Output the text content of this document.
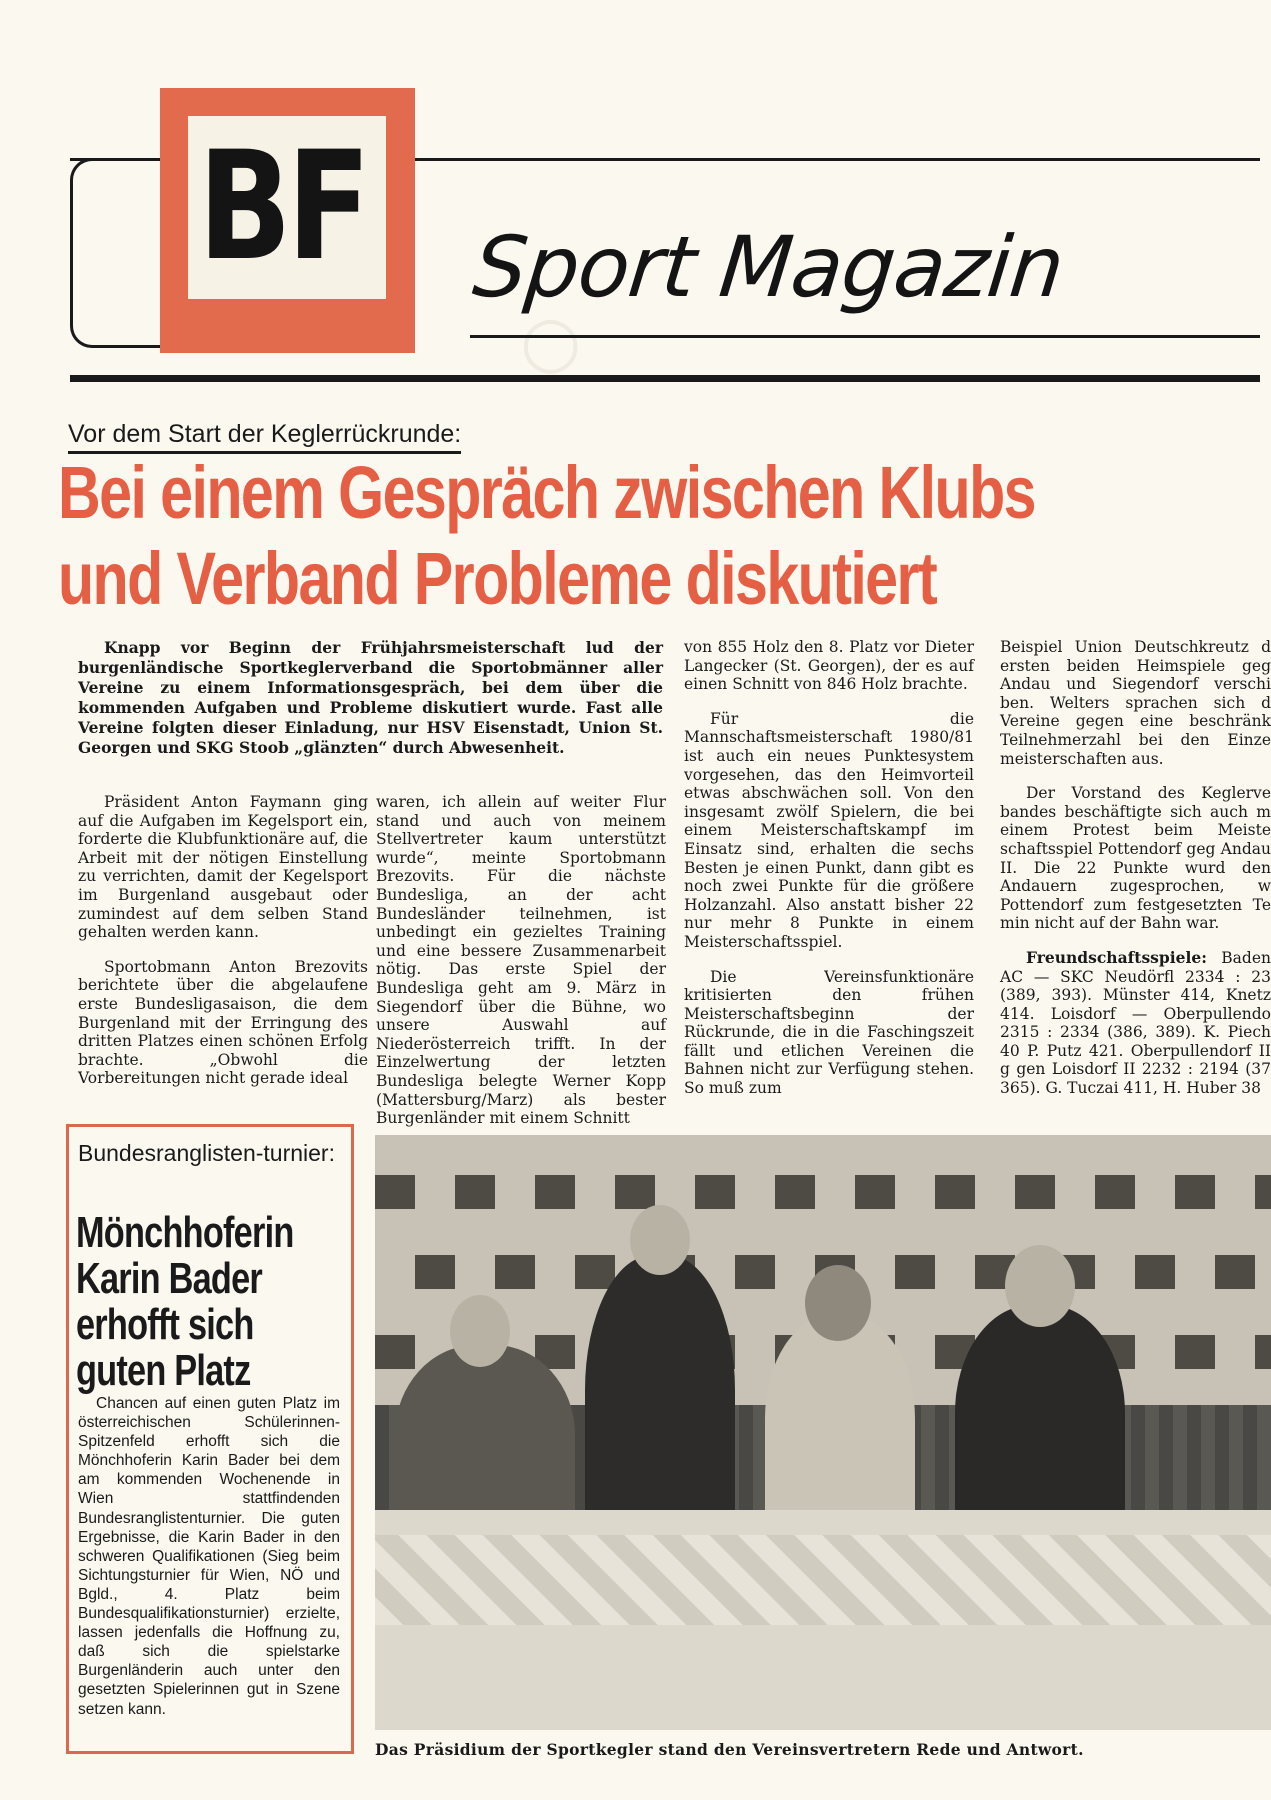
○
BF Sport Magazin
Vor dem Start der Keglerrückrunde:
Bei einem Gespräch zwischen Klubs
und Verband Probleme diskutiert

Knapp vor Beginn der Frühjahrsmeisterschaft lud der burgenländische Sportkeglerverband die Sportobmänner aller Vereine zu einem Informationsgespräch, bei dem über die kommenden Aufgaben und Probleme diskutiert wurde. Fast alle Vereine folgten dieser Einladung, nur HSV Eisenstadt, Union St. Georgen und SKG Stoob „glänzten“ durch Abwesenheit.

Präsident Anton Faymann ging auf die Aufgaben im Kegelsport ein, forderte die Klubfunktionäre auf, die Arbeit mit der nötigen Einstellung zu verrichten, damit der Kegelsport im Burgenland ausgebaut oder zumindest auf dem selben Stand gehalten werden kann.

Sportobmann Anton Brezovits berichtete über die abgelaufene erste Bundesligasaison, die dem Burgenland mit der Erringung des dritten Platzes einen schönen Erfolg brachte. „Obwohl die Vorbereitungen nicht gerade ideal

waren, ich allein auf weiter Flur stand und auch von meinem Stellvertreter kaum unterstützt wurde“, meinte Sportobmann Brezovits. Für die nächste Bundesliga, an der acht Bundesländer teilnehmen, ist unbedingt ein gezieltes Training und eine bessere Zusammenarbeit nötig. Das erste Spiel der Bundesliga geht am 9. März in Siegendorf über die Bühne, wo unsere Auswahl auf Niederösterreich trifft. In der Einzelwertung der letzten Bundesliga belegte Werner Kopp (Mattersburg/Marz) als bester Burgenländer mit einem Schnitt

von 855 Holz den 8. Platz vor Dieter Langecker (St. Georgen), der es auf einen Schnitt von 846 Holz brachte.

Für die Mannschaftsmeisterschaft 1980/81 ist auch ein neues Punktesystem vorgesehen, das den Heimvorteil etwas abschwächen soll. Von den insgesamt zwölf Spielern, die bei einem Meisterschaftskampf im Einsatz sind, erhalten die sechs Besten je einen Punkt, dann gibt es noch zwei Punkte für die größere Holzanzahl. Also anstatt bisher 22 nur mehr 8 Punkte in einem Meisterschaftsspiel.

Die Vereinsfunktionäre kritisierten den frühen Meisterschaftsbeginn der Rückrunde, die in die Faschingszeit fällt und etlichen Vereinen die Bahnen nicht zur Verfügung stehen. So muß zum

Beispiel Union Deutschkreutz d ersten beiden Heimspiele geg Andau und Siegendorf verschi ben. Welters sprachen sich d Vereine gegen eine beschränk Teilnehmerzahl bei den Einze meisterschaften aus.

Der Vorstand des Keglerve bandes beschäftigte sich auch m einem Protest beim Meiste schaftsspiel Pottendorf geg Andau II. Die 22 Punkte wurd den Andauern zugesprochen, w Pottendorf zum festgesetzten Te min nicht auf der Bahn war.

Freundschaftsspiele: Baden AC — SKC Neudörfl 2334 : 23 (389, 393). Münster 414, Knetz 414. Loisdorf — Oberpullendo 2315 : 2334 (386, 389). K. Piech 40 P. Putz 421. Oberpullendorf II g gen Loisdorf II 2232 : 2194 (37 365). G. Tuczai 411, H. Huber 38

Bundesranglisten-turnier:
Mönchhoferin
Karin Bader
erhofft sich
guten Platz

Chancen auf einen guten Platz im österreichischen Schülerinnen-Spitzenfeld erhofft sich die Mönchhoferin Karin Bader bei dem am kommenden Wochenende in Wien stattfindenden Bundesranglistenturnier. Die guten Ergebnisse, die Karin Bader in den schweren Qualifikationen (Sieg beim Sichtungsturnier für Wien, NÖ und Bgld., 4. Platz beim Bundesqualifikationsturnier) erzielte, lassen jedenfalls die Hoffnung zu, daß sich die spielstarke Burgenländerin auch unter den gesetzten Spielerinnen gut in Szene setzen kann.

Das Präsidium der Sportkegler stand den Vereinsvertretern Rede und Antwort.
